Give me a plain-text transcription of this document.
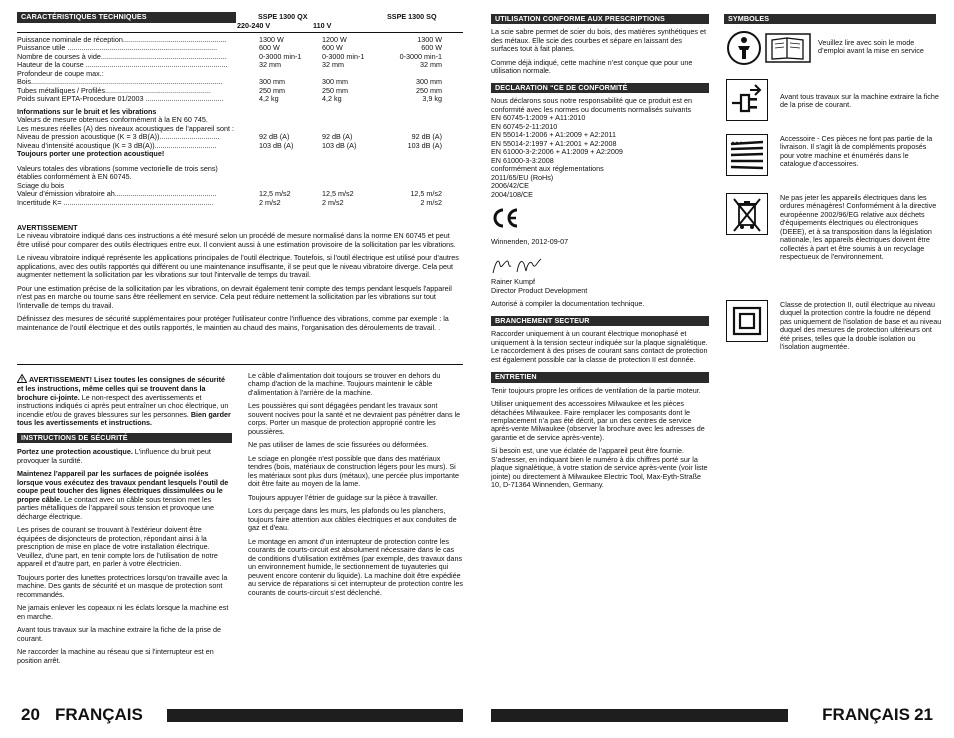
CARACTÉRISTIQUES TECHNIQUES	SSPE 1300 QX	SSPE 1300 SQ
220-240 V	110 V
Puissance nominale de réception....................................................	1300 W	1200 W	1300 W
Puissance utile ...........................................................................	600 W	600 W	600 W
Nombre de courses à vide...............................................................	0-3000 min-1	0-3000 min-1	0-3000 min-1
Hauteur de la course .......................................................................	32 mm	32 mm	32 mm
Profondeur de coupe max.:
Bois................................................................................................	300 mm	300 mm	300 mm
Tubes métalliques / Profilés.....................................................	250 mm	250 mm	250 mm
Poids suivant EPTA-Procedure 01/2003 .......................................	4,2 kg	4,2 kg	3,9 kg
Informations sur le bruit et les vibrations
Valeurs de mesure obtenues conformément à la EN 60 745.
Les mesures réelles (A) des niveaux acoustiques de l’appareil sont :
Niveau de pression acoustique (K = 3 dB(A))..............................	92 dB (A)	92 dB (A)	92 dB (A)
Niveau d’intensité acoustique (K = 3 dB(A))...............................	103 dB (A)	103 dB (A)	103 dB (A)
Toujours porter une protection acoustique!
Valeurs totales des vibrations (somme vectorielle de trois sens) établies conformément à EN 60745.
Sciage du bois
Valeur d’émission vibratoire ah...................................................	12,5 m/s2	12,5 m/s2	12,5 m/s2
Incertitude K= ...........................................................................	2 m/s2	2 m/s2	2 m/s2
AVERTISSEMENT

Le niveau vibratoire indiqué dans ces instructions a été mesuré selon un procédé de mesure normalisé dans la norme EN 60745 et peut être utilisé pour comparer des outils électriques entre eux. Il convient aussi à une estimation provisoire de la sollicitation par les vibrations.

Le niveau vibratoire indiqué représente les applications principales de l'outil électrique. Toutefois, si l'outil électrique est utilisé pour d'autres applications, avec des outils rapportés qui différent ou une maintenance insuffisante, il se peut que le niveau vibratoire diverge. Cela peut augmenter nettement la sollicitation par les vibrations sur tout l'intervalle de temps du travail.

Pour une estimation précise de la sollicitation par les vibrations, on devrait également tenir compte des temps pendant lesquels l'appareil n'est pas en marche ou tourne sans être réellement en service. Cela peut réduire nettement la sollicitation par les vibrations sur tout l'intervalle de temps du travail.

Définissez des mesures de sécurité supplémentaires pour protéger l'utilisateur contre l'influence des vibrations, comme par exemple : la maintenance de l’outil électrique et des outils rapportés, le maintien au chaud des mains, l’organisation des déroulements de travail. .

AVERTISSEMENT! Lisez toutes les consignes de sécurité et les instructions, même celles qui se trouvent dans la brochure ci-jointe. Le non-respect des avertissements et instructions indiqués ci après peut entraîner un choc électrique, un incendie et/ou de graves blessures sur les personnes. Bien garder tous les avertissements et instructions.

INSTRUCTIONS DE SÉCURITÉ

Portez une protection acoustique. L'influence du bruit peut provoquer la surdité.

Maintenez l’appareil par les surfaces de poignée isolées lorsque vous exécutez des travaux pendant lesquels l’outil de coupe peut toucher des lignes électriques dissimulées ou le propre câble. Le contact avec un câble sous tension met les parties métalliques de l’appareil sous tension et provoque une décharge électrique.

Les prises de courant se trouvant à l'extérieur doivent être équipées de disjoncteurs de protection, répondant ainsi à la prescription de mise en place de votre installation électrique. Veuillez, d'une part, en tenir compte lors de l'utilisation de notre appareil et d'autre part, en parler à votre électricien.

Toujours porter des lunettes protectrices lorsqu'on travaille avec la machine. Des gants de sécurité et un masque de protection sont recommandés.

Ne jamais enlever les copeaux ni les éclats lorsque la machine est en marche.

Avant tous travaux sur la machine extraire la fiche de la prise de courant.

Ne raccorder la machine au réseau que si l'interrupteur est en position arrêt.

Le câble d'alimentation doit toujours se trouver en dehors du champ d'action de la machine. Toujours maintenir le câble d'alimentation à l'arrière de la machine.

Les poussières qui sont dégagées pendant les travaux sont souvent nocives pour la santé et ne devraient pas pénétrer dans le corps. Porter un masque de protection approprié contre les poussières.

Ne pas utiliser de lames de scie fissurées ou déformées.

Le sciage en plongée n'est possible que dans des matériaux tendres (bois, matériaux de construction légers pour les murs). Si les matériaux sont plus durs (métaux), une percée plus importante doit être faite au moyen de la lame.

Toujours appuyer l’étrier de guidage sur la pièce à travailler.

Lors du perçage dans les murs, les plafonds ou les planchers, toujours faire attention aux câbles électriques et aux conduites de gaz et d'eau.

Le montage en amont d’un interrupteur de protection contre les courants de courts-circuit est absolument nécessaire dans le cas de conditions d’utilisation extrêmes (par exemple, des travaux dans un environnement humide, le sectionnement de tuyauteries qui peuvent encore contenir du liquide). La machine doit être expédiée au service de réparations si cet interrupteur de protection contre les courants de courts-circuit s’est déclenché.

20 FRANÇAIS
UTILISATION CONFORME AUX PRESCRIPTIONS

La scie sabre permet de scier du bois, des matières synthétiques et des métaux. Elle scie des courbes et sépare en laissant des surfaces tout à fait planes.

Comme déjà indiqué, cette machine n’est conçue que pour une utilisation normale.

DECLARATION “CE DE CONFORMITÉ
Nous déclarons sous notre responsabilité que ce produit est en conformité avec les normes ou documents normalisés suivants
EN 60745-1:2009 + A11:2010
EN 60745-2-11:2010
EN 55014-1:2006 + A1:2009 + A2:2011
EN 55014-2:1997 + A1:2001 + A2:2008
EN 61000-3-2:2006 + A1:2009 + A2:2009
EN 61000-3-3:2008
conformément aux réglementations
2011/65/EU (RoHs)
2006/42/CE
2004/108/CE
Winnenden, 2012-09-07
Rainer Kumpf
Director Product Development

Autorisé à compiler la documentation technique.

BRANCHEMENT SECTEUR

Raccorder uniquement à un courant électrique monophasé et uniquement à la tension secteur indiquée sur la plaque signalétique. Le raccordement à des prises de courant sans contact de protection est également possible car la classe de protection II est donnée.

ENTRETIEN

Tenir toujours propre les orifices de ventilation de la partie moteur.

Utiliser uniquement des accessoires Milwaukee et les pièces détachées Milwaukee. Faire remplacer les composants dont le remplacement n’a pas été décrit, par un des centres de service après-vente Milwaukee (observer la brochure avec les adresses de garantie et de service après-vente).

Si besoin est, une vue éclatée de l’appareil peut être fournie. S’adresser, en indiquant bien le numéro à dix chiffres porté sur la plaque signalétique, à votre station de service après-vente (voir liste jointe) ou directement à Milwaukee Electric Tool, Max-Eyth-Straße 10, D-71364 Winnenden, Germany.

SYMBOLES
FRANÇAIS 21
Veuillez lire avec soin le mode d’emploi avant la mise en service
Avant tous travaux sur la machine extraire la fiche de la prise de courant.
Accessoire - Ces pièces ne font pas partie de la livraison. Il s'agit là de compléments proposés pour votre machine et énumérés dans le catalogue d'accessoires.
Ne pas jeter les appareils électriques dans les ordures ménagères! Conformément à la directive européenne 2002/96/EG relative aux déchets d'équipements électriques ou électroniques (DEEE), et à sa transposition dans la législation nationale, les appareils électriques doivent être collectés à part et être soumis à un recyclage respectueux de l'environnement.
Classe de protection II, outil électrique au niveau duquel la protection contre la foudre ne dépend pas uniquement de l'isolation de base et au niveau duquel des mesures de protection ultérieurs ont été prises, telles que la double isolation ou l'isolation augmentée.
